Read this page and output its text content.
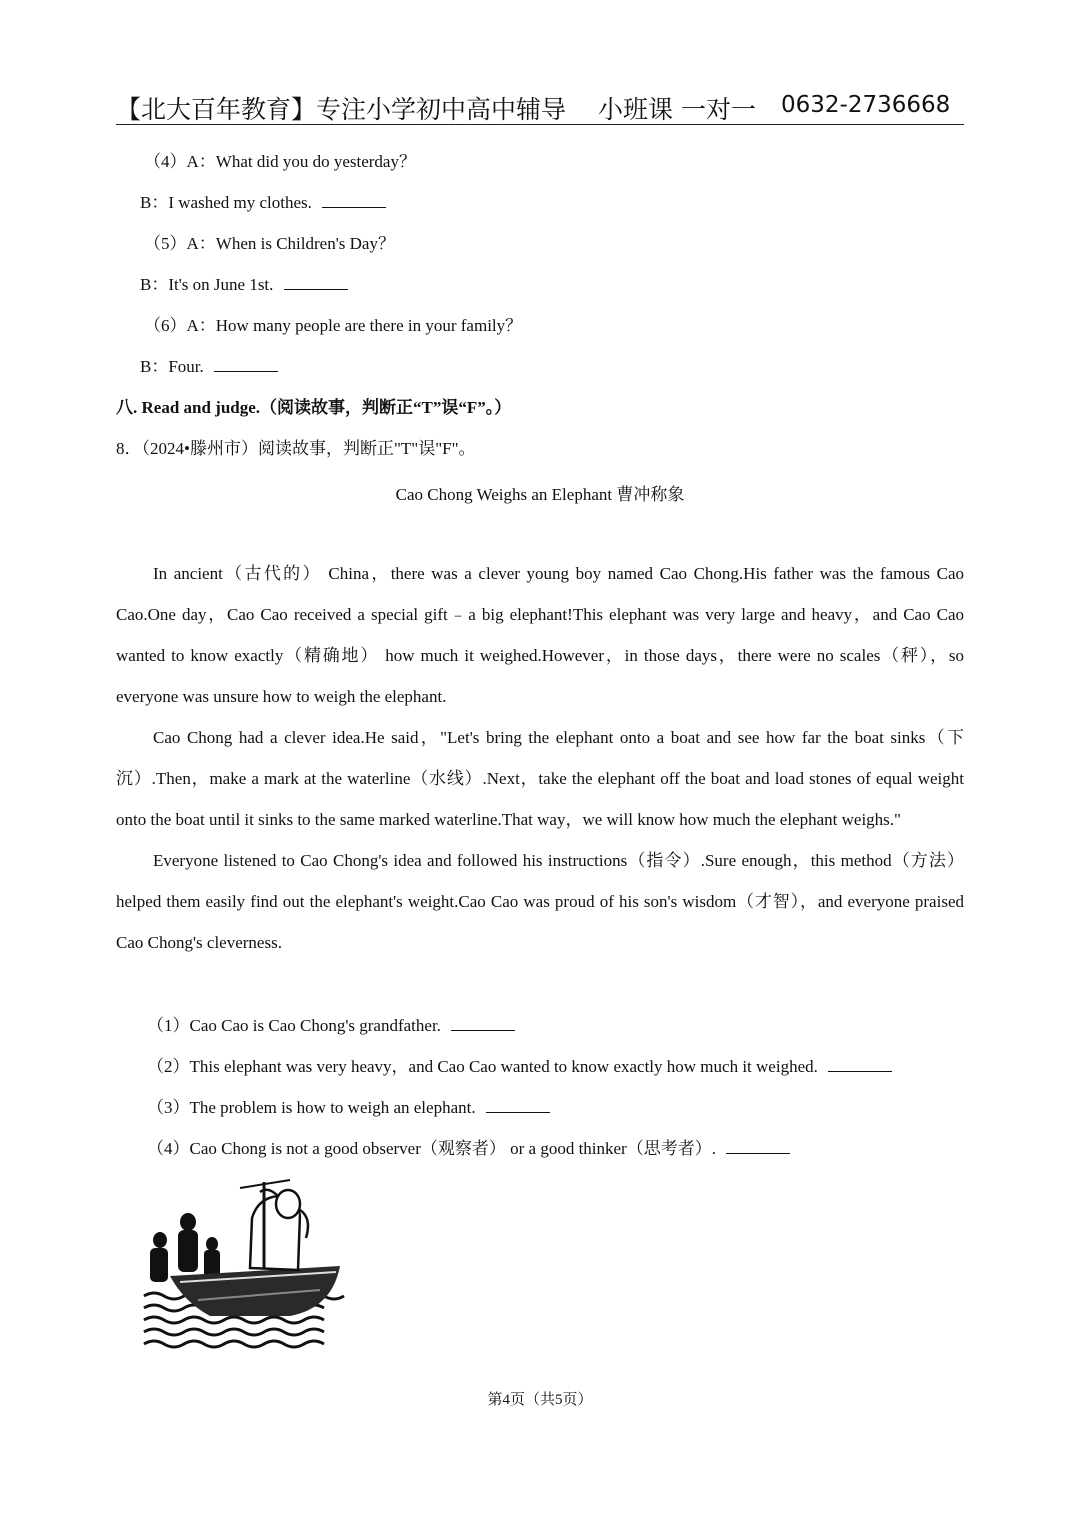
【北大百年教育】专注小学初中高中辅导 小班课 一对一 0632-2736668
（4）A：What did you do yesterday？
B：I washed my clothes.
（5）A：When is Children's Day？
B：It's on June 1st.
（6）A：How many people are there in your family？
B：Four.
八. Read and judge.（阅读故事，判断正“T”误“F”。）
8．（2024•滕州市）阅读故事，判断正"T"误"F"。
Cao Chong Weighs an Elephant 曹冲称象

In ancient（古代的） China，there was a clever young boy named Cao Chong.His father was the famous Cao Cao.One day，Cao Cao received a special gift﹣a big elephant!This elephant was very large and heavy，and Cao Cao wanted to know exactly（精确地） how much it weighed.However，in those days，there were no scales（秤），so everyone was unsure how to weigh the elephant.

Cao Chong had a clever idea.He said，"Let's bring the elephant onto a boat and see how far the boat sinks（下沉）.Then，make a mark at the waterline（水线）.Next，take the elephant off the boat and load stones of equal weight onto the boat until it sinks to the same marked waterline.That way，we will know how much the elephant weighs."

Everyone listened to Cao Chong's idea and followed his instructions（指令）.Sure enough，this method（方法） helped them easily find out the elephant's weight.Cao Cao was proud of his son's wisdom（才智），and everyone praised Cao Chong's cleverness.

（1）Cao Cao is Cao Chong's grandfather.
（2）This elephant was very heavy，and Cao Cao wanted to know exactly how much it weighed.
（3）The problem is how to weigh an elephant.
（4）Cao Chong is not a good observer（观察者） or a good thinker（思考者）.
第4页（共5页）
